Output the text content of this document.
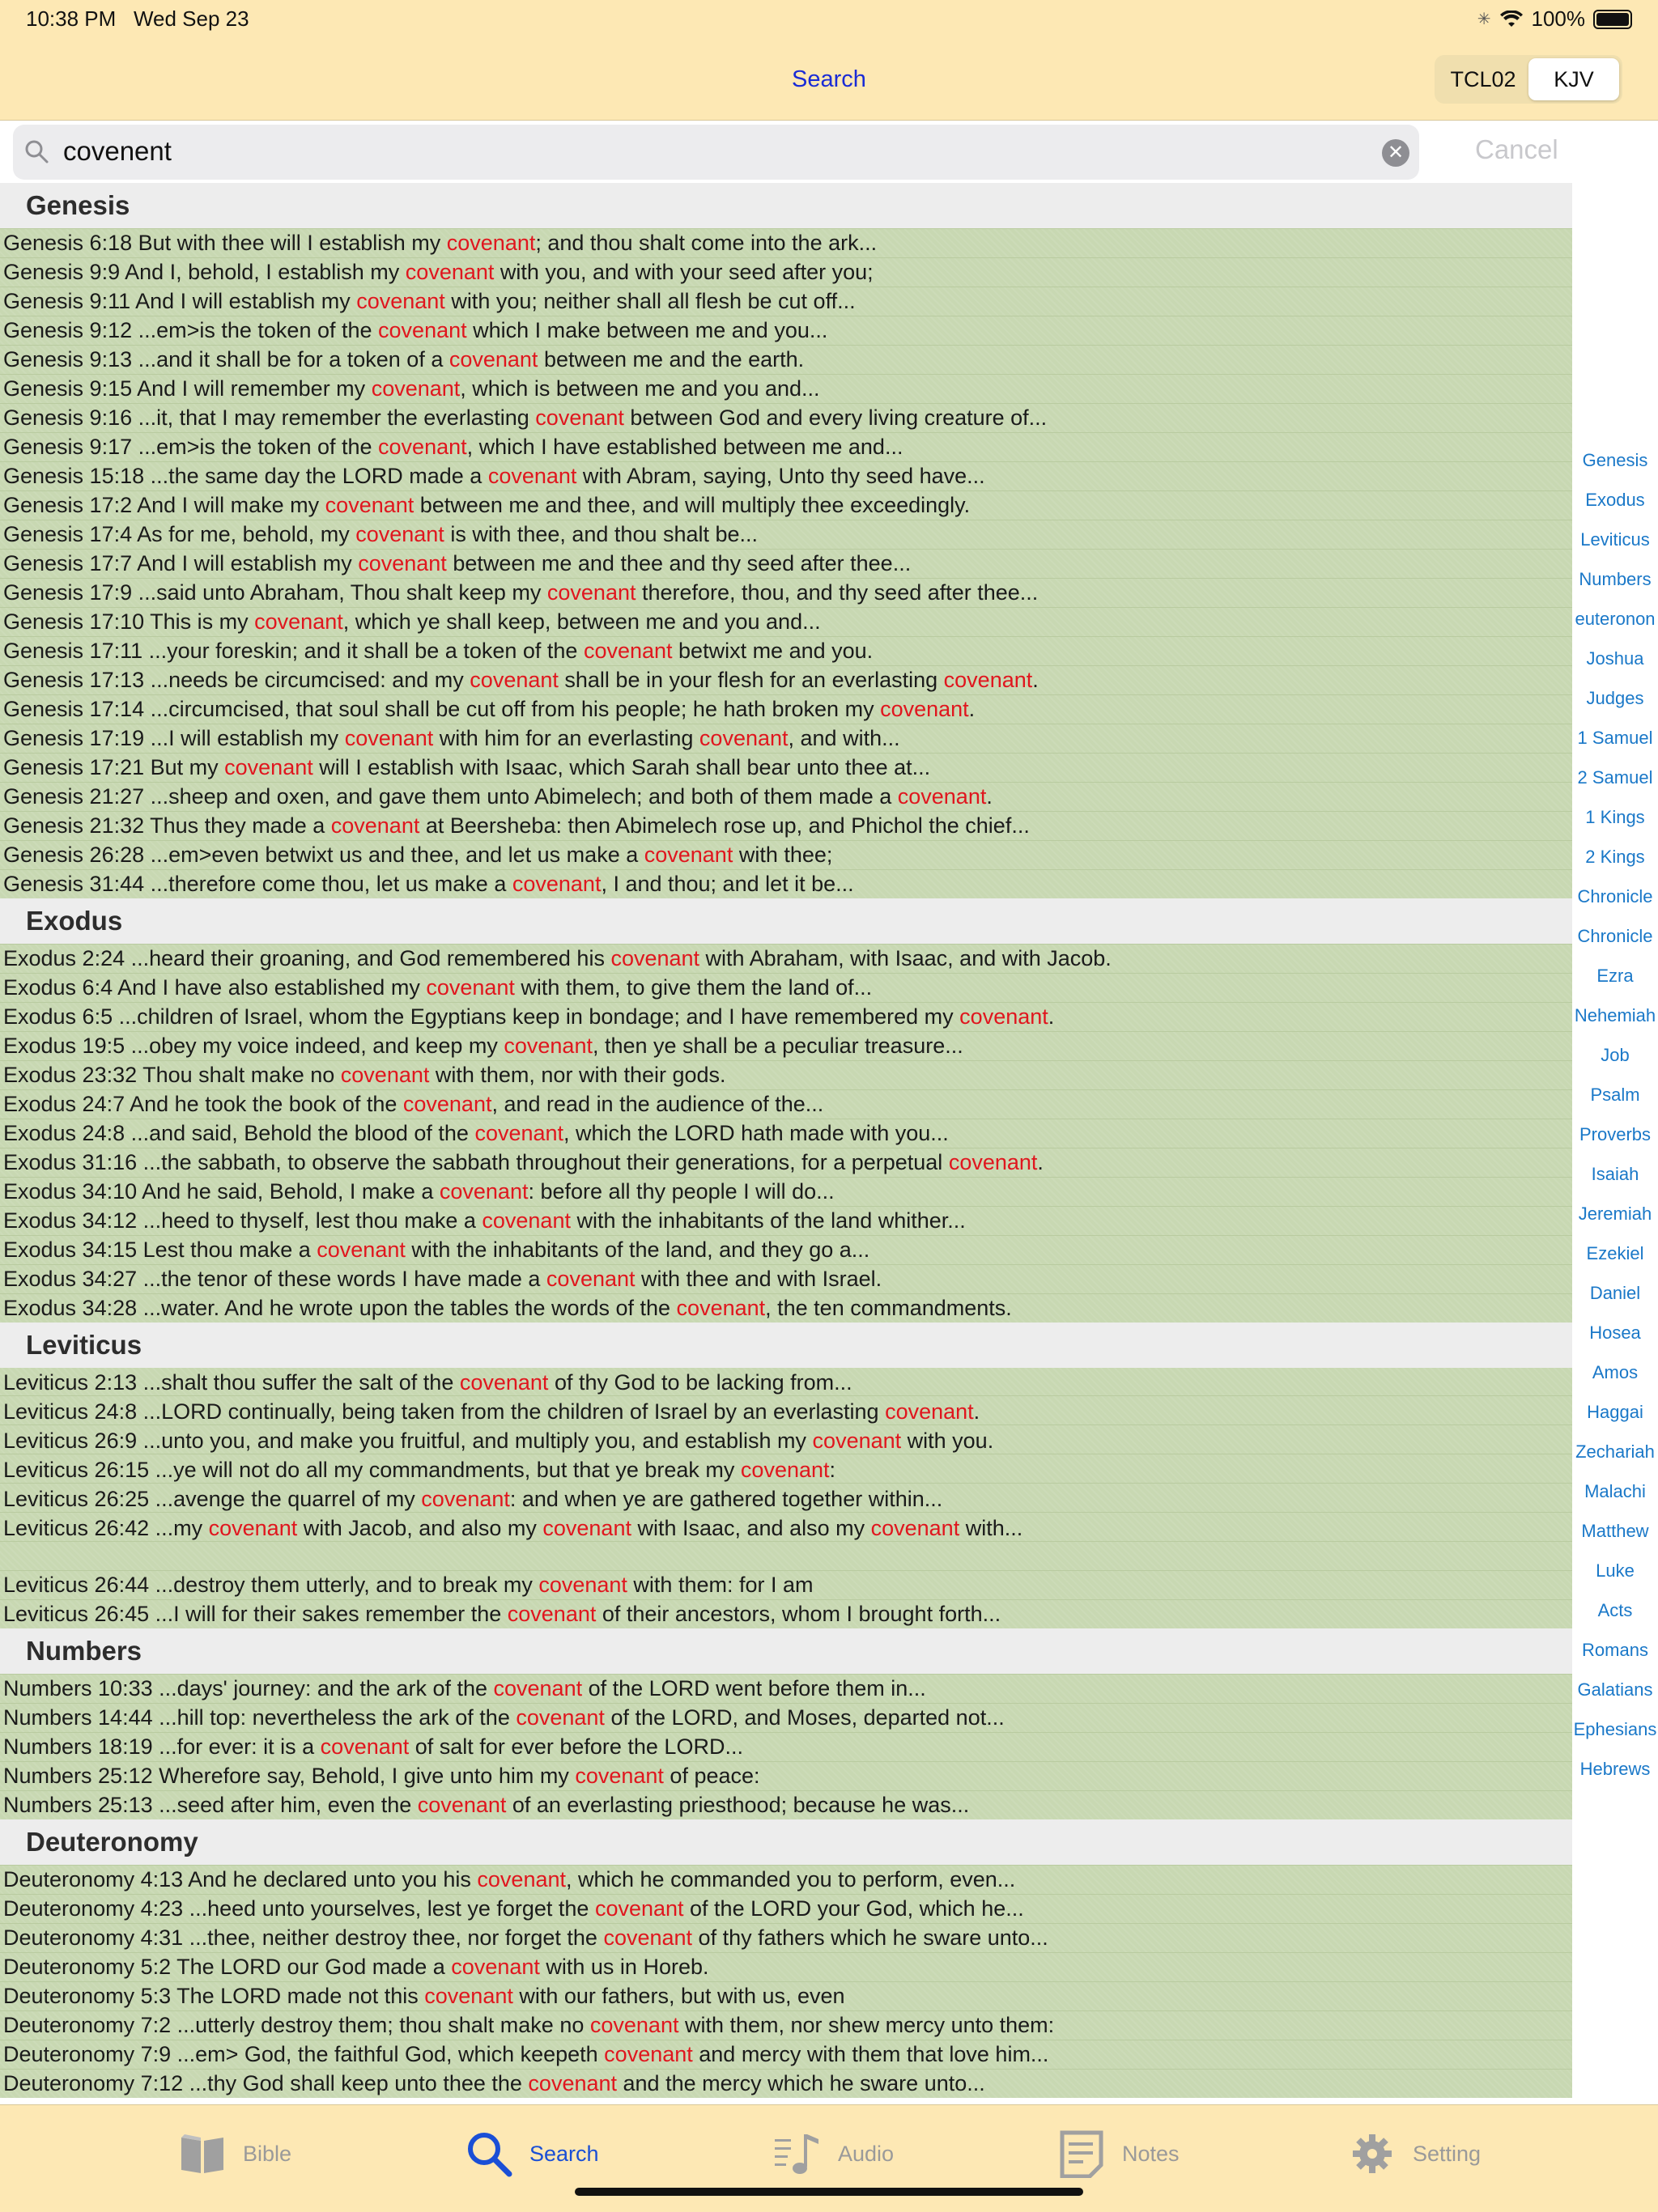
10:38 PM Wed Sep 23	✳ 100%
Search	TCL02	KJV
covenent	✕	Cancel
Genesis
Genesis 6:18 But with thee will I establish my covenant; and thou shalt come into the ark...
Genesis 9:9 And I, behold, I establish my covenant with you, and with your seed after you;
Genesis 9:11 And I will establish my covenant with you; neither shall all flesh be cut off...
Genesis 9:12 ...em>is the token of the covenant which I make between me and you...
Genesis 9:13 ...and it shall be for a token of a covenant between me and the earth.
Genesis 9:15 And I will remember my covenant, which is between me and you and...
Genesis 9:16 ...it, that I may remember the everlasting covenant between God and every living creature of...
Genesis 9:17 ...em>is the token of the covenant, which I have established between me and...
Genesis 15:18 ...the same day the LORD made a covenant with Abram, saying, Unto thy seed have...
Genesis 17:2 And I will make my covenant between me and thee, and will multiply thee exceedingly.
Genesis 17:4 As for me, behold, my covenant is with thee, and thou shalt be...
Genesis 17:7 And I will establish my covenant between me and thee and thy seed after thee...
Genesis 17:9 ...said unto Abraham, Thou shalt keep my covenant therefore, thou, and thy seed after thee...
Genesis 17:10 This is my covenant, which ye shall keep, between me and you and...
Genesis 17:11 ...your foreskin; and it shall be a token of the covenant betwixt me and you.
Genesis 17:13 ...needs be circumcised: and my covenant shall be in your flesh for an everlasting covenant.
Genesis 17:14 ...circumcised, that soul shall be cut off from his people; he hath broken my covenant.
Genesis 17:19 ...I will establish my covenant with him for an everlasting covenant, and with...
Genesis 17:21 But my covenant will I establish with Isaac, which Sarah shall bear unto thee at...
Genesis 21:27 ...sheep and oxen, and gave them unto Abimelech; and both of them made a covenant.
Genesis 21:32 Thus they made a covenant at Beersheba: then Abimelech rose up, and Phichol the chief...
Genesis 26:28 ...em>even betwixt us and thee, and let us make a covenant with thee;
Genesis 31:44 ...therefore come thou, let us make a covenant, I and thou; and let it be...
Exodus
Exodus 2:24 ...heard their groaning, and God remembered his covenant with Abraham, with Isaac, and with Jacob.
Exodus 6:4 And I have also established my covenant with them, to give them the land of...
Exodus 6:5 ...children of Israel, whom the Egyptians keep in bondage; and I have remembered my covenant.
Exodus 19:5 ...obey my voice indeed, and keep my covenant, then ye shall be a peculiar treasure...
Exodus 23:32 Thou shalt make no covenant with them, nor with their gods.
Exodus 24:7 And he took the book of the covenant, and read in the audience of the...
Exodus 24:8 ...and said, Behold the blood of the covenant, which the LORD hath made with you...
Exodus 31:16 ...the sabbath, to observe the sabbath throughout their generations, for a perpetual covenant.
Exodus 34:10 And he said, Behold, I make a covenant: before all thy people I will do...
Exodus 34:12 ...heed to thyself, lest thou make a covenant with the inhabitants of the land whither...
Exodus 34:15 Lest thou make a covenant with the inhabitants of the land, and they go a...
Exodus 34:27 ...the tenor of these words I have made a covenant with thee and with Israel.
Exodus 34:28 ...water. And he wrote upon the tables the words of the covenant, the ten commandments.
Leviticus
Leviticus 2:13 ...shalt thou suffer the salt of the covenant of thy God to be lacking from...
Leviticus 24:8 ...LORD continually, being taken from the children of Israel by an everlasting covenant.
Leviticus 26:9 ...unto you, and make you fruitful, and multiply you, and establish my covenant with you.
Leviticus 26:15 ...ye will not do all my commandments, but that ye break my covenant:
Leviticus 26:25 ...avenge the quarrel of my covenant: and when ye are gathered together within...
Leviticus 26:42 ...my covenant with Jacob, and also my covenant with Isaac, and also my covenant with...
Leviticus 26:44 ...destroy them utterly, and to break my covenant with them: for I am
Leviticus 26:45 ...I will for their sakes remember the covenant of their ancestors, whom I brought forth...
Numbers
Numbers 10:33 ...days' journey: and the ark of the covenant of the LORD went before them in...
Numbers 14:44 ...hill top: nevertheless the ark of the covenant of the LORD, and Moses, departed not...
Numbers 18:19 ...for ever: it is a covenant of salt for ever before the LORD...
Numbers 25:12 Wherefore say, Behold, I give unto him my covenant of peace:
Numbers 25:13 ...seed after him, even the covenant of an everlasting priesthood; because he was...
Deuteronomy
Deuteronomy 4:13 And he declared unto you his covenant, which he commanded you to perform, even...
Deuteronomy 4:23 ...heed unto yourselves, lest ye forget the covenant of the LORD your God, which he...
Deuteronomy 4:31 ...thee, neither destroy thee, nor forget the covenant of thy fathers which he sware unto...
Deuteronomy 5:2 The LORD our God made a covenant with us in Horeb.
Deuteronomy 5:3 The LORD made not this covenant with our fathers, but with us, even
Deuteronomy 7:2 ...utterly destroy them; thou shalt make no covenant with them, nor shew mercy unto them:
Deuteronomy 7:9 ...em> God, the faithful God, which keepeth covenant and mercy with them that love him...
Deuteronomy 7:12 ...thy God shall keep unto thee the covenant and the mercy which he sware unto...
Genesis
Exodus
Leviticus
Numbers
euteronon
Joshua
Judges
1 Samuel
2 Samuel
1 Kings
2 Kings
Chronicle
Chronicle
Ezra
Nehemiah
Job
Psalm
Proverbs
Isaiah
Jeremiah
Ezekiel
Daniel
Hosea
Amos
Haggai
Zechariah
Malachi
Matthew
Luke
Acts
Romans
Galatians
Ephesians
Hebrews
Bible	Search	Audio	Notes	Setting
